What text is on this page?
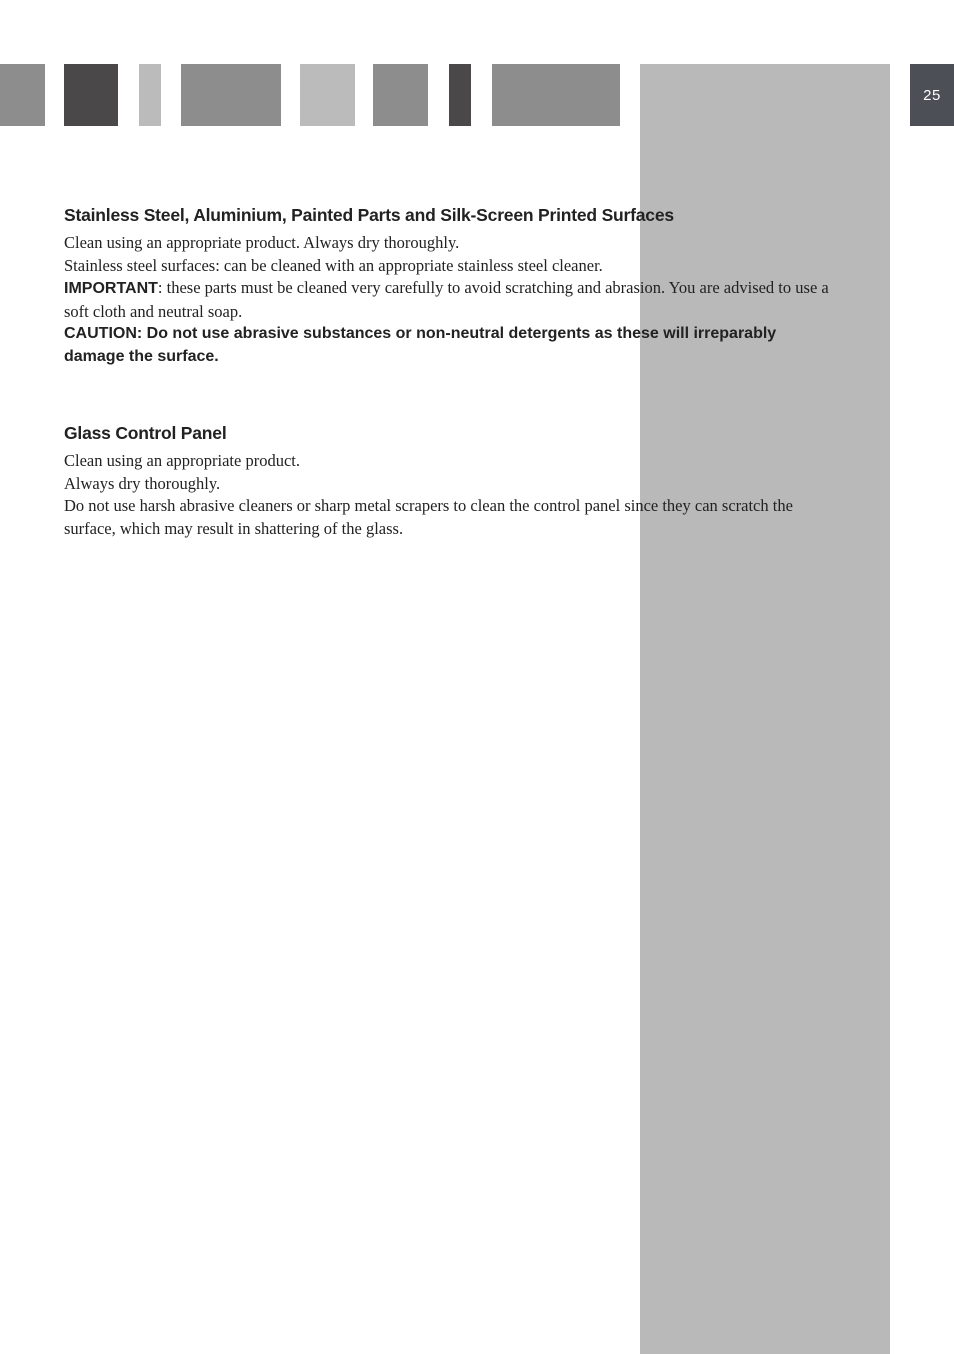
25
Stainless Steel, Aluminium, Painted Parts and Silk-Screen Printed Surfaces

Clean using an appropriate product. Always dry thoroughly.

Stainless steel surfaces: can be cleaned with an appropriate stainless steel cleaner.

IMPORTANT: these parts must be cleaned very carefully to avoid scratching and abrasion. You are advised to use a soft cloth and neutral soap.

CAUTION: Do not use abrasive substances or non-neutral detergents as these will irreparably damage the surface.

Glass Control Panel

Clean using an appropriate product.

Always dry thoroughly.

Do not use harsh abrasive cleaners or sharp metal scrapers to clean the control panel since they can scratch the surface, which may result in shattering of the glass.
